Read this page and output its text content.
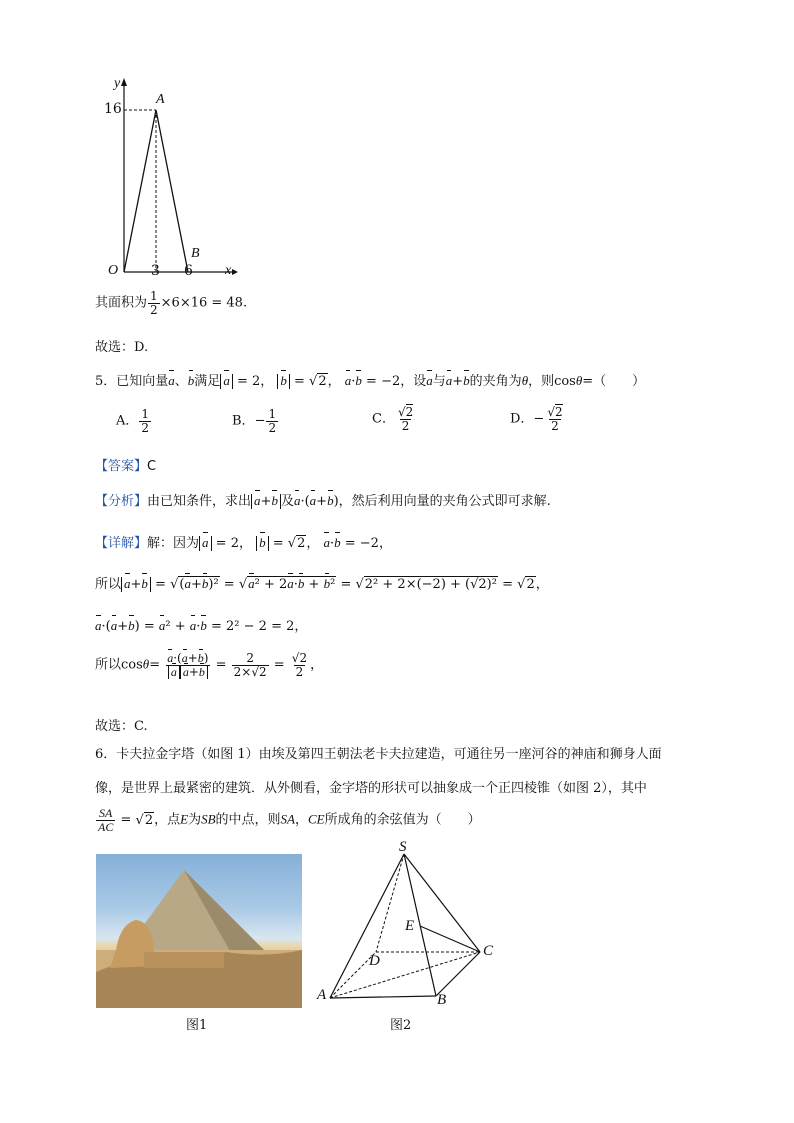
y
A
16
B
O 3 6 x
其面积为 $\frac{1}{2} \times 6\times 16 = 48$.
故选：D.
5．已知向量a、b满足 a = 2， b = √2， a·b = −2，设a与a+b的夹角为θ，则cosθ=（　　）
A． $\frac{1}{2}$	B．− $\frac{1}{2}$	C． $\frac{√2}{2}$	D．− $\frac{√2}{2}$
【答案】C
【分析】由已知条件，求出 a+b 及a·(a+b)，然后利用向量的夹角公式即可求解.
【详解】解：因为 a = 2， b = √2， a·b = −2，
所以 a+b = √(a+b)² = √a² + 2a·b + b² = √2² + 2×(−2) + (√2)² = √2，
a·(a+b) = a² + a·b = 2² − 2 = 2，
所以$\cos\theta= \frac{a\cdot(a+b)}{\text{a a+b}} = \frac{2}{2\times√2} = \frac{√2}{2}$ ，
故选：C.
6．卡夫拉金字塔（如图 1）由埃及第四王朝法老卡夫拉建造，可通往另一座河谷的神庙和狮身人面
像，是世界上最紧密的建筑．从外侧看，金字塔的形状可以抽象成一个正四棱锥（如图 2），其中
$\frac{SA}{AC} = √2$，点E为SB的中点，则SA，CE所成角的余弦值为（　　）
图1
S
E
C
D
A	B
图2
